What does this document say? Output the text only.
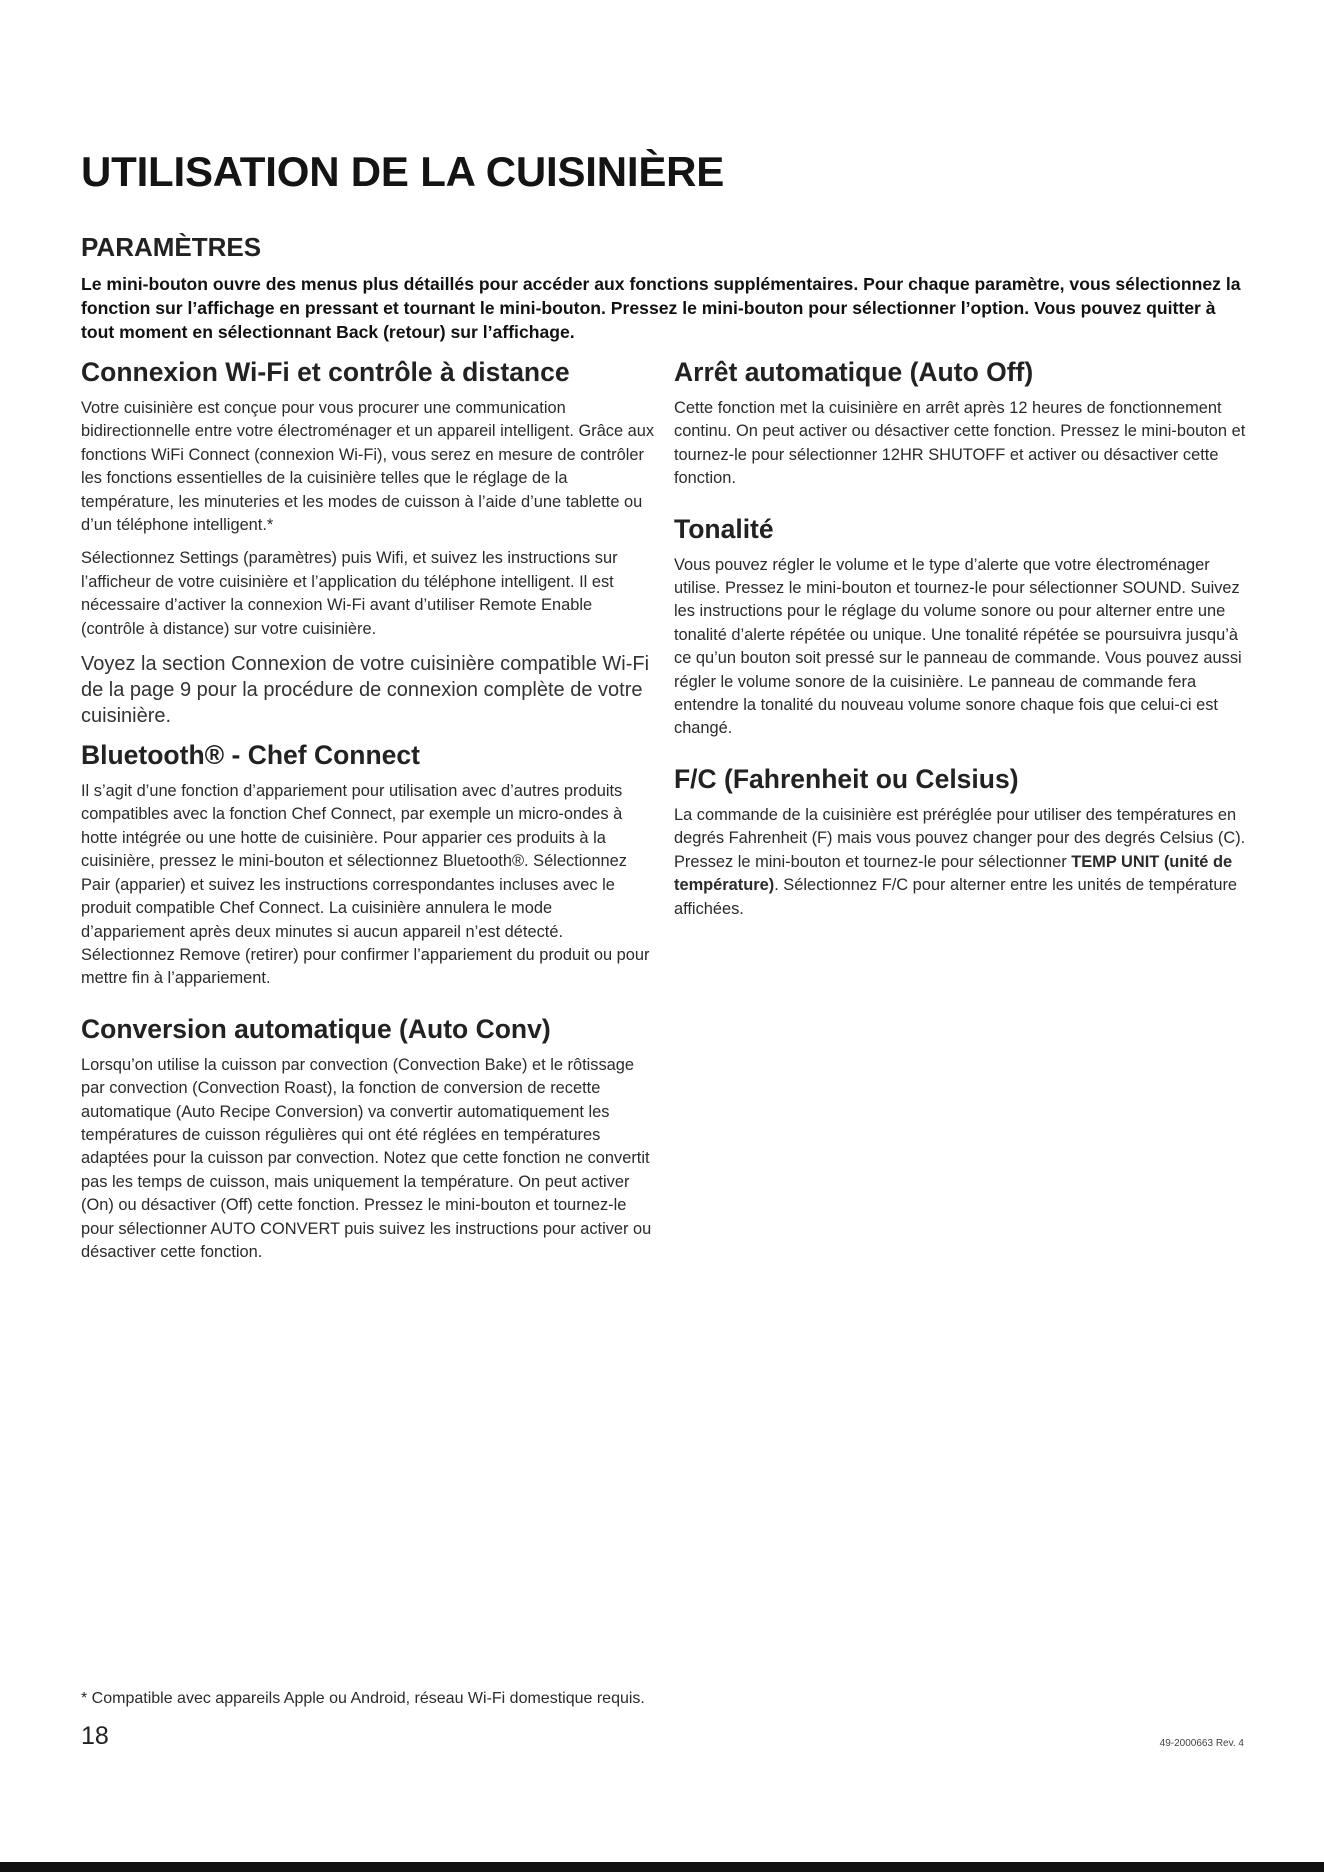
UTILISATION DE LA CUISINIÈRE
PARAMÈTRES

Le mini-bouton ouvre des menus plus détaillés pour accéder aux fonctions supplémentaires. Pour chaque paramètre, vous sélectionnez la fonction sur l’affichage en pressant et tournant le mini-bouton. Pressez le mini-bouton pour sélectionner l’option. Vous pouvez quitter à tout moment en sélectionnant Back (retour) sur l’affichage.

Connexion Wi-Fi et contrôle à distance

Votre cuisinière est conçue pour vous procurer une communication bidirectionnelle entre votre électroménager et un appareil intelligent. Grâce aux fonctions WiFi Connect (connexion Wi-Fi), vous serez en mesure de contrôler les fonctions essentielles de la cuisinière telles que le réglage de la température, les minuteries et les modes de cuisson à l’aide d’une tablette ou d’un téléphone intelligent.*

Sélectionnez Settings (paramètres) puis Wifi, et suivez les instructions sur l’afficheur de votre cuisinière et l’application du téléphone intelligent. Il est nécessaire d’activer la connexion Wi-Fi avant d’utiliser Remote Enable (contrôle à distance) sur votre cuisinière.

Voyez la section Connexion de votre cuisinière compatible Wi-Fi de la page 9 pour la procédure de connexion complète de votre cuisinière.

Bluetooth® - Chef Connect

Il s’agit d’une fonction d’appariement pour utilisation avec d’autres produits compatibles avec la fonction Chef Connect, par exemple un micro-ondes à hotte intégrée ou une hotte de cuisinière. Pour apparier ces produits à la cuisinière, pressez le mini-bouton et sélectionnez Bluetooth®. Sélectionnez Pair (apparier) et suivez les instructions correspondantes incluses avec le produit compatible Chef Connect. La cuisinière annulera le mode d’appariement après deux minutes si aucun appareil n’est détecté. Sélectionnez Remove (retirer) pour confirmer l’appariement du produit ou pour mettre fin à l’appariement.

Conversion automatique (Auto Conv)

Lorsqu’on utilise la cuisson par convection (Convection Bake) et le rôtissage par convection (Convection Roast), la fonction de conversion de recette automatique (Auto Recipe Conversion) va convertir automatiquement les températures de cuisson régulières qui ont été réglées en températures adaptées pour la cuisson par convection. Notez que cette fonction ne convertit pas les temps de cuisson, mais uniquement la température. On peut activer (On) ou désactiver (Off) cette fonction. Pressez le mini-bouton et tournez-le pour sélectionner AUTO CONVERT puis suivez les instructions pour activer ou désactiver cette fonction.

Arrêt automatique (Auto Off)

Cette fonction met la cuisinière en arrêt après 12 heures de fonctionnement continu. On peut activer ou désactiver cette fonction. Pressez le mini-bouton et tournez-le pour sélectionner 12HR SHUTOFF et activer ou désactiver cette fonction.

Tonalité

Vous pouvez régler le volume et le type d’alerte que votre électroménager utilise. Pressez le mini-bouton et tournez-le pour sélectionner SOUND. Suivez les instructions pour le réglage du volume sonore ou pour alterner entre une tonalité d’alerte répétée ou unique. Une tonalité répétée se poursuivra jusqu’à ce qu’un bouton soit pressé sur le panneau de commande. Vous pouvez aussi régler le volume sonore de la cuisinière. Le panneau de commande fera entendre la tonalité du nouveau volume sonore chaque fois que celui-ci est changé.

F/C (Fahrenheit ou Celsius)

La commande de la cuisinière est préréglée pour utiliser des températures en degrés Fahrenheit (F) mais vous pouvez changer pour des degrés Celsius (C). Pressez le mini-bouton et tournez-le pour sélectionner TEMP UNIT (unité de température). Sélectionnez F/C pour alterner entre les unités de température affichées.

* Compatible avec appareils Apple ou Android, réseau Wi-Fi domestique requis.

18	49-2000663 Rev. 4
